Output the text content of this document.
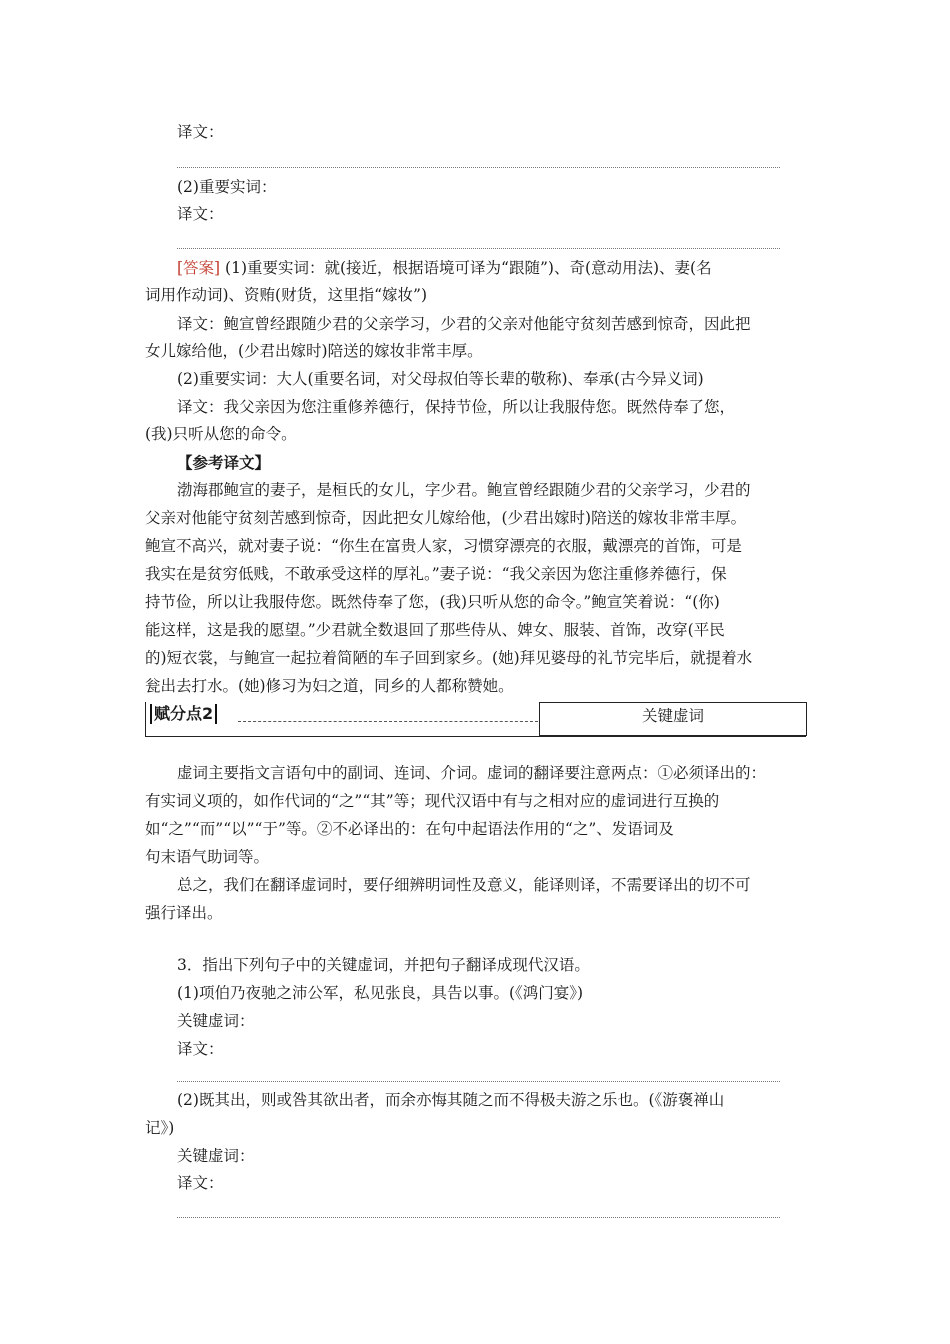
译文：
(2)重要实词：
译文：
[答案] (1)重要实词：就(接近，根据语境可译为“跟随”)、奇(意动用法)、妻(名
词用作动词)、资贿(财货，这里指“嫁妆”)
译文：鲍宣曾经跟随少君的父亲学习，少君的父亲对他能守贫刻苦感到惊奇，因此把
女儿嫁给他，(少君出嫁时)陪送的嫁妆非常丰厚。
(2)重要实词：大人(重要名词，对父母叔伯等长辈的敬称)、奉承(古今异义词)
译文：我父亲因为您注重修养德行，保持节俭，所以让我服侍您。既然侍奉了您，
(我)只听从您的命令。
【参考译文】
渤海郡鲍宣的妻子，是桓氏的女儿，字少君。鲍宣曾经跟随少君的父亲学习，少君的
父亲对他能守贫刻苦感到惊奇，因此把女儿嫁给他，(少君出嫁时)陪送的嫁妆非常丰厚。
鲍宣不高兴，就对妻子说：“你生在富贵人家，习惯穿漂亮的衣服，戴漂亮的首饰，可是
我实在是贫穷低贱，不敢承受这样的厚礼。”妻子说：“我父亲因为您注重修养德行，保
持节俭，所以让我服侍您。既然侍奉了您，(我)只听从您的命令。”鲍宣笑着说：“(你)
能这样，这是我的愿望。”少君就全数退回了那些侍从、婢女、服装、首饰，改穿(平民
的)短衣裳，与鲍宣一起拉着简陋的车子回到家乡。(她)拜见婆母的礼节完毕后，就提着水
瓮出去打水。(她)修习为妇之道，同乡的人都称赞她。
赋分点2	关键虚词
虚词主要指文言语句中的副词、连词、介词。虚词的翻译要注意两点：①必须译出的：
有实词义项的，如作代词的“之”“其”等；现代汉语中有与之相对应的虚词进行互换的
如“之”“而”“以”“于”等。②不必译出的：在句中起语法作用的“之”、发语词及
句末语气助词等。
总之，我们在翻译虚词时，要仔细辨明词性及意义，能译则译，不需要译出的切不可
强行译出。
3．指出下列句子中的关键虚词，并把句子翻译成现代汉语。
(1)项伯乃夜驰之沛公军，私见张良，具告以事。(《鸿门宴》)
关键虚词：
译文：
(2)既其出，则或咎其欲出者，而余亦悔其随之而不得极夫游之乐也。(《游褒禅山
记》)
关键虚词：
译文：
